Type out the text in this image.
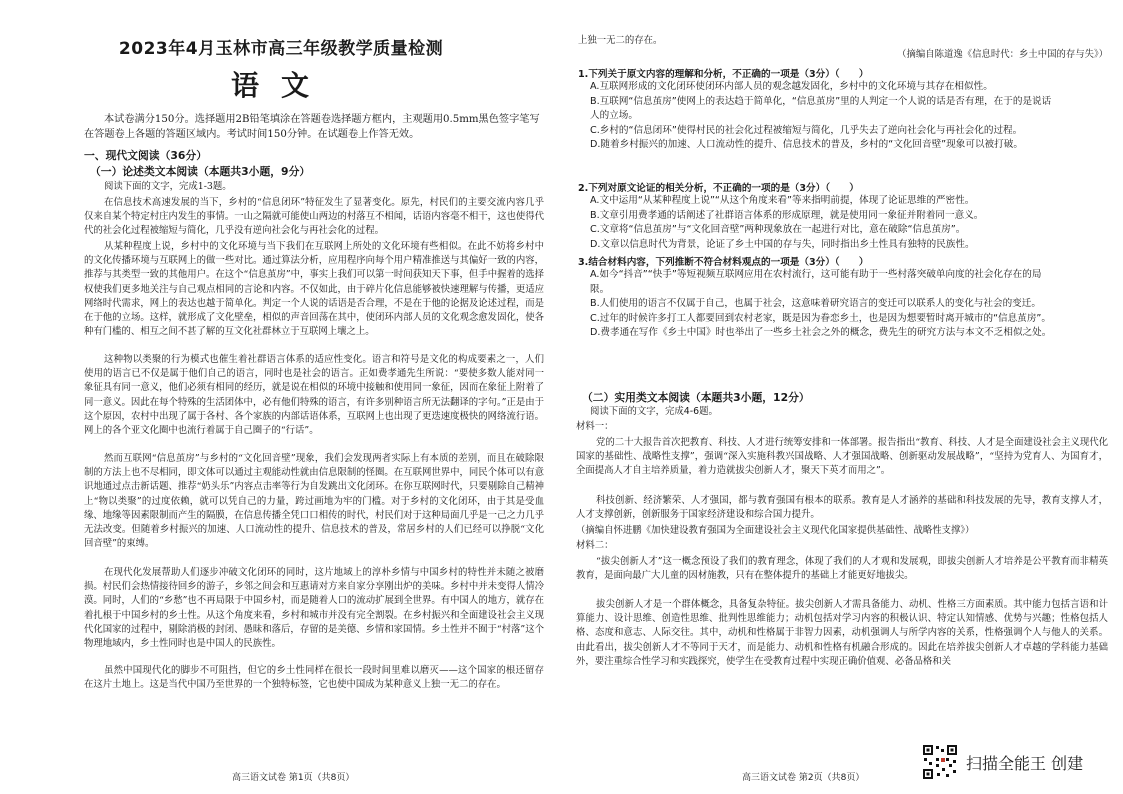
2023年4月玉林市高三年级教学质量检测
语文
本试卷满分150分。选择题用2B铅笔填涂在答题卷选择题方框内，主观题用0.5mm黑色签字笔写在答题卷上各题的答题区域内。考试时间150分钟。在试题卷上作答无效。
一、现代文阅读（36分）
（一）论述类文本阅读（本题共3小题，9分）
阅读下面的文字，完成1-3题。

在信息技术高速发展的当下，乡村的“信息闭环”特征发生了显著变化。原先，村民们的主要交流内容几乎仅来自某个特定村庄内发生的事情。一山之隔就可能使山两边的村落互不相闻，话语内容毫不相干，这也使得代代的社会化过程被缩短与简化，几乎没有逆向社会化与再社会化的过程。

从某种程度上说，乡村中的文化环境与当下我们在互联网上所处的文化环境有些相似。在此不妨将乡村中的文化传播环境与互联网上的做一些对比。通过算法分析，应用程序向每个用户精准推送与其偏好一致的内容，推荐与其类型一致的其他用户。在这个“信息茧房”中，事实上我们可以第一时间获知天下事，但手中握着的选择权使我们更多地关注与自己观点相同的言论和内容。不仅如此，由于碎片化信息能够被快速理解与传播，更适应网络时代需求，网上的表达也越于简单化。判定一个人说的话语是否合理，不是在于他的论据及论述过程，而是在于他的立场。这样，就形成了文化壁垒，相似的声音回荡在其中，使闭环内部人员的文化观念愈发固化，使各种有门槛的、相互之间不甚了解的互文化社群林立于互联网上壤之上。

这种物以类聚的行为模式也催生着社群语言体系的适应性变化。语言和符号是文化的构成要素之一，人们使用的语言已不仅是属于他们自己的语言，同时也是社会的语言。正如费孝通先生所说：“要使多数人能对同一象征具有同一意义，他们必须有相同的经历，就是说在相似的环境中接触和使用同一象征，因而在象征上附着了同一意义。因此在每个特殊的生活团体中，必有他们特殊的语言，有许多别种语言所无法翻译的字句。”正是由于这个原因，农村中出现了属于各村、各个家族的内部话语体系，互联网上也出现了更迭速度极快的网络流行语。网上的各个亚文化圈中也流行着属于自己圈子的“行话”。

然而互联网“信息茧房”与乡村的“文化回音壁”现象，我们会发现两者实际上有本质的差别，而且在破除限制的方法上也不尽相同，即文体可以通过主观能动性就由信息限制的怪圈。在互联网世界中，同民个体可以有意识地通过点击新话题、推荐“奶头乐”内容点击率等行为自发跳出文化闭环。在你互联网时代，只要剔除自己精神上“物以类聚”的过度依赖，就可以凭自己的力量，跨过画地为牢的门槛。对于乡村的文化闭环，由于其是受血缘、地缘等因素限制而产生的隔膜，在信息传播全凭口口相传的时代，村民们对于这种局面几乎是一己之力几乎无法改变。但随着乡村振兴的加速、人口流动性的提升、信息技术的普及，常居乡村的人们已经可以挣脱“文化回音壁”的束缚。

在现代化发展帮助人们逐步冲破文化闭环的同时，这片地域上的淳朴乡情与中国乡村的特性并未随之被磨损。村民们会热情接待回乡的游子，乡邻之间会和互惠请对方来自家分享刚出炉的美味。乡村中并未变得人情冷漠。同时，人们的“乡愁”也不再局限于中国乡村，而是随着人口的流动扩展到全世界。有中国人的地方，就存在着扎根于中国乡村的乡土性。从这个角度来看，乡村和城市并没有完全割裂。在乡村振兴和全面建设社会主义现代化国家的过程中，剔除消极的封闭、愚昧和落后，存留的是美德、乡情和家国情。乡土性并不囿于“村落”这个物理地域内，乡土性同时也是中国人的民族性。

虽然中国现代化的脚步不可阻挡，但它的乡土性同样在很长一段时间里难以磨灭——这个国家的根还留存在这片土地上。这是当代中国乃至世界的一个独特标签，它也使中国成为某种意义上独一无二的存在。

高三语文试卷 第1页（共8页）
上独一无二的存在。
（摘编自陈道逸《信息时代：乡土中国的存与失》）
1.下列关于原文内容的理解和分析，不正确的一项是（3分）（　　）
A.互联网形成的文化闭环使闭环内部人员的观念越发固化，乡村中的文化环境与其存在相似性。
B.互联网“信息茧房”使网上的表达趋于简单化，“信息茧房”里的人判定一个人说的话是否有理，在于的是说话人的立场。
C.乡村的“信息闭环”使得村民的社会化过程被缩短与简化，几乎失去了逆向社会化与再社会化的过程。
D.随着乡村振兴的加速、人口流动性的提升、信息技术的普及，乡村的“文化回音壁”现象可以被打破。
2.下列对原文论证的相关分析，不正确的一项的是（3分）（　　）
A.文中运用“从某种程度上说”“从这个角度来看”等来指明前提，体现了论证思维的严密性。
B.文章引用费孝通的话阐述了社群语言体系的形成原理，就是使用同一象征并附着同一意义。
C.文章将“信息茧房”与“文化回音壁”两种现象放在一起进行对比，意在破除“信息茧房”。
D.文章以信息时代为背景，论证了乡土中国的存与失，同时指出乡土性具有独特的民族性。
3.结合材料内容，下列推断不符合材料观点的一项是（3分）（　　）
A.如今“抖音”“快手”等短视频互联网应用在农村流行，这可能有助于一些村落突破单向度的社会化存在的局限。
B.人们使用的语言不仅属于自己，也属于社会，这意味着研究语言的变迁可以联系人的变化与社会的变迁。
C.过年的时候许多打工人都要回到农村老家，既是因为眷恋乡土，也是因为想要暂时离开城市的“信息茧房”。
D.费孝通在写作《乡土中国》时也举出了一些乡土社会之外的概念，费先生的研究方法与本文不乏相似之处。
（二）实用类文本阅读（本题共3小题，12分）
阅读下面的文字，完成4-6题。
材料一：

党的二十大报告首次把教育、科技、人才进行统筹安排和一体部署。报告指出“教育、科技、人才是全面建设社会主义现代化国家的基础性、战略性支撑”，强调“深入实施科教兴国战略、人才强国战略、创新驱动发展战略”，“坚持为党育人、为国育才，全面提高人才自主培养质量，着力造就拔尖创新人才，聚天下英才而用之”。

科技创新、经济繁荣、人才强国，都与教育强国有根本的联系。教育是人才涵养的基础和科技发展的先导，教育支撑人才，人才支撑创新，创新服务于国家经济建设和综合国力提升。

（摘编自怀进鹏《加快建设教育强国为全面建设社会主义现代化国家提供基础性、战略性支撑》）
材料二：

“拔尖创新人才”这一概念预设了我们的教育理念，体现了我们的人才观和发展观，即拔尖创新人才培养是公平教育而非精英教育，是面向最广大儿童的因材施教，只有在整体提升的基础上才能更好地拔尖。

拔尖创新人才是一个群体概念，具备复杂特征。拔尖创新人才需具备能力、动机、性格三方面素质。其中能力包括言语和计算能力、设计思维、创造性思维、批判性思维能力；动机包括对学习内容的积极认识、特定认知情感、优势与兴趣；性格包括人格、态度和意志、人际交往。其中，动机和性格属于非智力因素，动机强调人与所学内容的关系，性格强调个人与他人的关系。由此看出，拔尖创新人才不等同于天才，而是能力、动机和性格有机融合形成的。因此在培养拔尖创新人才卓越的学科能力基础外，要注重综合性学习和实践探究，使学生在受教育过程中实现正确价值观、必备品格和关

高三语文试卷 第2页（共8页）
扫描全能王 创建
